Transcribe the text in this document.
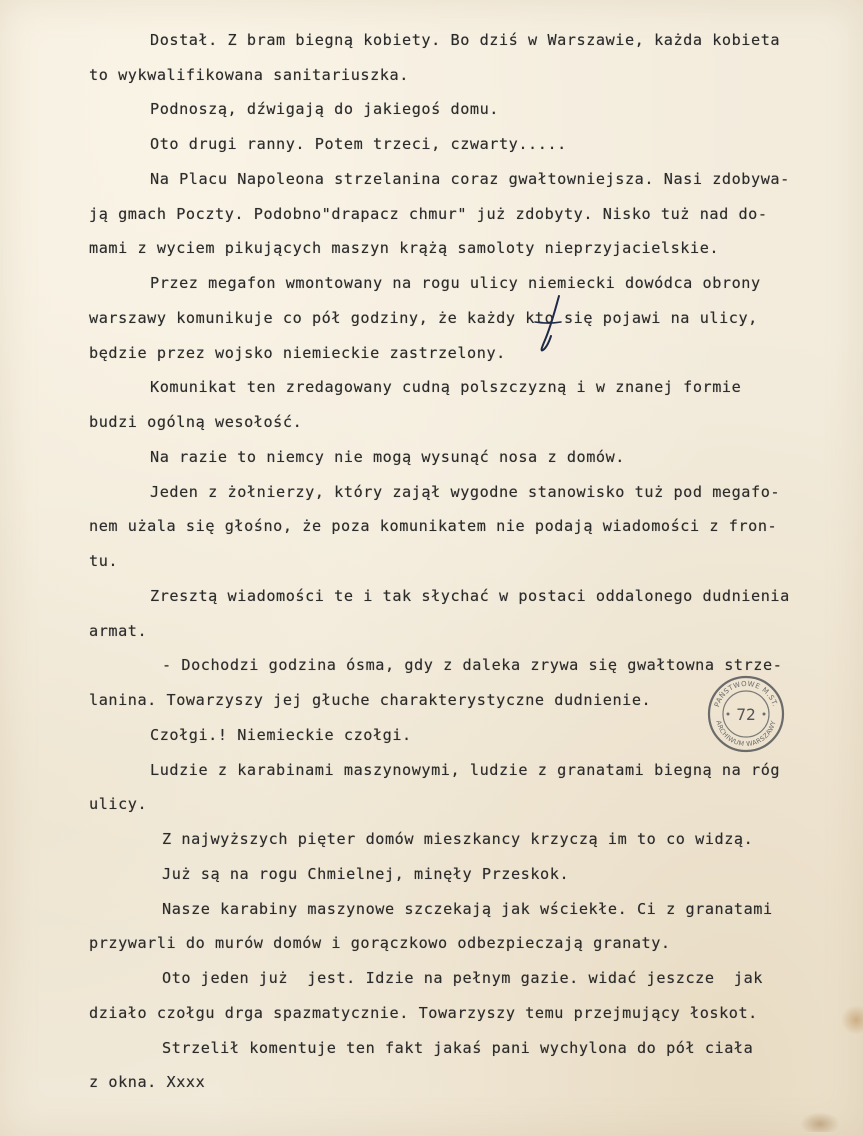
Dostał. Z bram biegną kobiety. Bo dziś w Warszawie, każda kobieta
to wykwalifikowana sanitariuszka.
Podnoszą, dźwigają do jakiegoś domu.
Oto drugi ranny. Potem trzeci, czwarty.....
Na Placu Napoleona strzelanina coraz gwałtowniejsza. Nasi zdobywa-
ją gmach Poczty. Podobno"drapacz chmur" już zdobyty. Nisko tuż nad do-
mami z wyciem pikujących maszyn krążą samoloty nieprzyjacielskie.
Przez megafon wmontowany na rogu ulicy niemiecki dowódca obrony
warszawy komunikuje co pół godziny, że każdy kto się pojawi na ulicy,
będzie przez wojsko niemieckie zastrzelony.
Komunikat ten zredagowany cudną polszczyzną i w znanej formie
budzi ogólną wesołość.
Na razie to niemcy nie mogą wysunąć nosa z domów.
Jeden z żołnierzy, który zajął wygodne stanowisko tuż pod megafo-
nem użala się głośno, że poza komunikatem nie podają wiadomości z fron-
tu.
Zresztą wiadomości te i tak słychać w postaci oddalonego dudnienia
armat.
- Dochodzi godzina ósma, gdy z daleka zrywa się gwałtowna strze-
lanina. Towarzyszy jej głuche charakterystyczne dudnienie.
Czołgi.! Niemieckie czołgi.
Ludzie z karabinami maszynowymi, ludzie z granatami biegną na róg
ulicy.
Z najwyższych pięter domów mieszkancy krzyczą im to co widzą.
Już są na rogu Chmielnej, minęły Przeskok.
Nasze karabiny maszynowe szczekają jak wściekłe. Ci z granatami
przywarli do murów domów i gorączkowo odbezpieczają granaty.
Oto jeden już  jest. Idzie na pełnym gazie. widać jeszcze  jak
działo czołgu drga spazmatycznie. Towarzyszy temu przejmujący łoskot.
Strzelił komentuje ten fakt jakaś pani wychylona do pół ciała
z okna. Xxxx
PAŃSTWOWE M.ST.
ARCHIWUM WARSZAWY
72
